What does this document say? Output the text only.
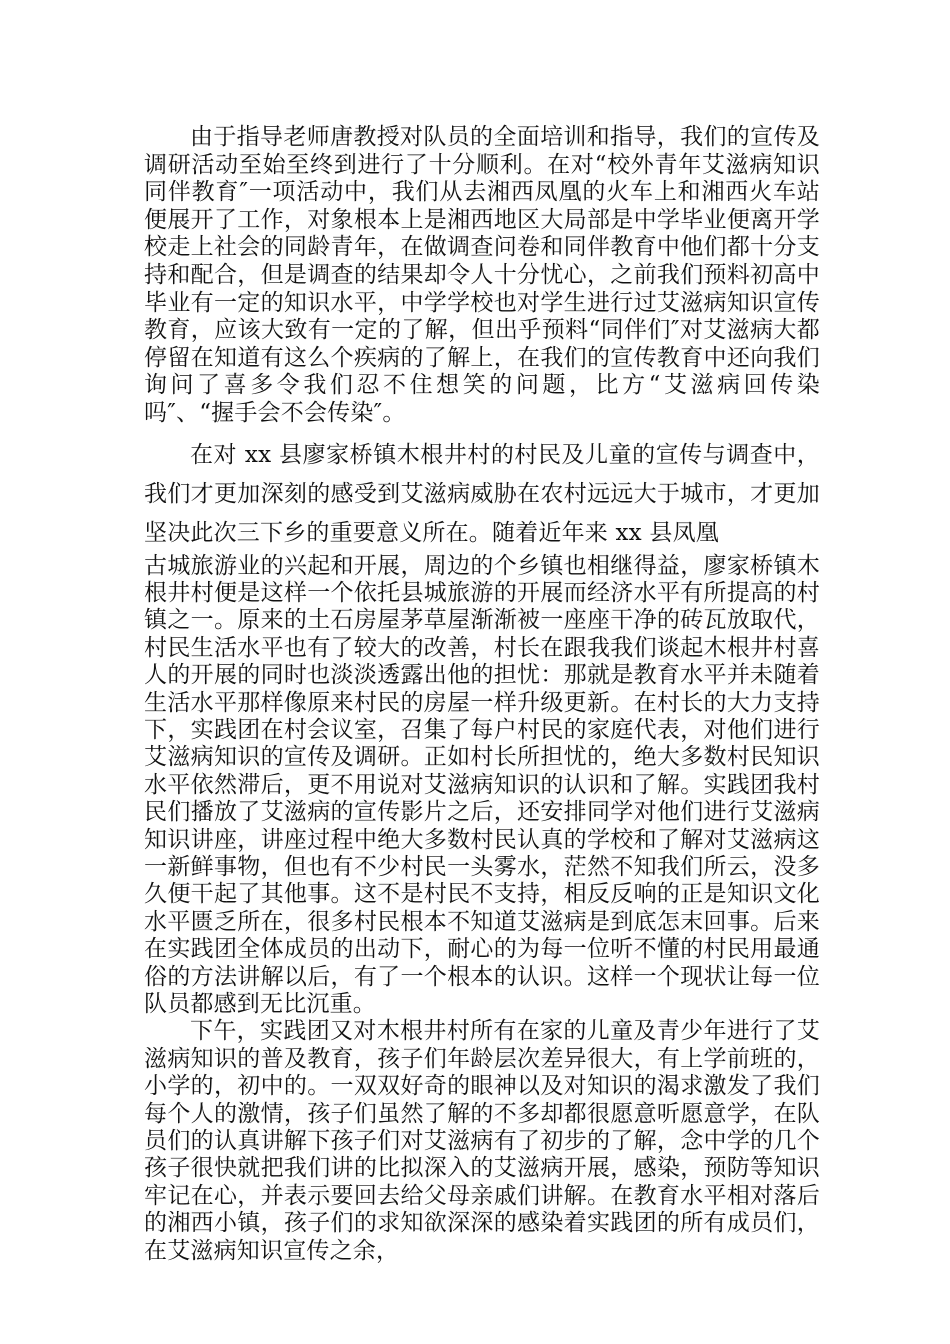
由于指导老师唐教授对队员的全面培训和指导，我们的宣传及调研活动至始至终到进行了十分顺利。在对“校外青年艾滋病知识同伴教育″一项活动中，我们从去湘西凤凰的火车上和湘西火车站便展开了工作，对象根本上是湘西地区大局部是中学毕业便离开学校走上社会的同龄青年，在做调查问卷和同伴教育中他们都十分支持和配合，但是调查的结果却令人十分忧心，之前我们预料初高中毕业有一定的知识水平，中学学校也对学生进行过艾滋病知识宣传教育，应该大致有一定的了解，但出乎预料“同伴们″对艾滋病大都停留在知道有这么个疾病的了解上，在我们的宣传教育中还向我们询问了喜多令我们忍不住想笑的问题，比方“艾滋病回传染吗″、“握手会不会传染″。

在对 xx 县廖家桥镇木根井村的村民及儿童的宣传与调查中，我们才更加深刻的感受到艾滋病威胁在农村远远大于城市，才更加坚决此次三下乡的重要意义所在。随着近年来 xx 县凤凰

古城旅游业的兴起和开展，周边的个乡镇也相继得益，廖家桥镇木根井村便是这样一个依托县城旅游的开展而经济水平有所提高的村镇之一。原来的土石房屋茅草屋渐渐被一座座干净的砖瓦放取代，村民生活水平也有了较大的改善，村长在跟我我们谈起木根井村喜人的开展的同时也淡淡透露出他的担忧：那就是教育水平并未随着生活水平那样像原来村民的房屋一样升级更新。在村长的大力支持下，实践团在村会议室，召集了每户村民的家庭代表，对他们进行艾滋病知识的宣传及调研。正如村长所担忧的，绝大多数村民知识水平依然滞后，更不用说对艾滋病知识的认识和了解。实践团我村民们播放了艾滋病的宣传影片之后，还安排同学对他们进行艾滋病知识讲座，讲座过程中绝大多数村民认真的学校和了解对艾滋病这一新鲜事物，但也有不少村民一头雾水，茫然不知我们所云，没多久便干起了其他事。这不是村民不支持，相反反响的正是知识文化水平匮乏所在，很多村民根本不知道艾滋病是到底怎末回事。后来在实践团全体成员的出动下，耐心的为每一位听不懂的村民用最通俗的方法讲解以后，有了一个根本的认识。这样一个现状让每一位队员都感到无比沉重。

下午，实践团又对木根井村所有在家的儿童及青少年进行了艾滋病知识的普及教育，孩子们年龄层次差异很大，有上学前班的，小学的，初中的。一双双好奇的眼神以及对知识的渴求激发了我们每个人的激情，孩子们虽然了解的不多却都很愿意听愿意学，在队员们的认真讲解下孩子们对艾滋病有了初步的了解，念中学的几个孩子很快就把我们讲的比拟深入的艾滋病开展，感染，预防等知识牢记在心，并表示要回去给父母亲戚们讲解。在教育水平相对落后的湘西小镇，孩子们的求知欲深深的感染着实践团的所有成员们，在艾滋病知识宣传之余，
